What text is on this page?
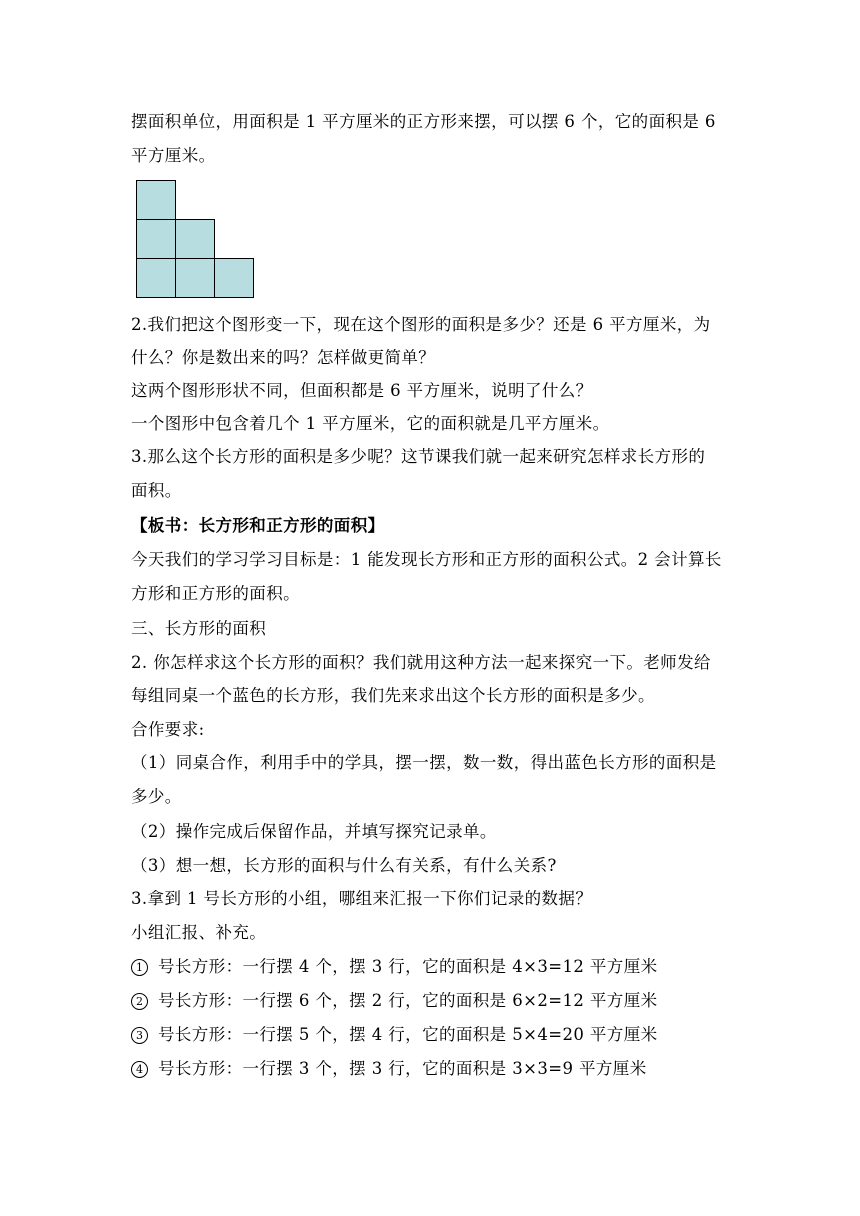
摆面积单位，用面积是 1 平方厘米的正方形来摆，可以摆 6 个，它的面积是 6
平方厘米。
2.我们把这个图形变一下，现在这个图形的面积是多少？还是 6 平方厘米，为
什么？你是数出来的吗？怎样做更简单？
这两个图形形状不同，但面积都是 6 平方厘米，说明了什么？
一个图形中包含着几个 1 平方厘米，它的面积就是几平方厘米。
3.那么这个长方形的面积是多少呢？这节课我们就一起来研究怎样求长方形的
面积。
【板书：长方形和正方形的面积】
今天我们的学习学习目标是：1 能发现长方形和正方形的面积公式。2 会计算长
方形和正方形的面积。
三、长方形的面积
2. 你怎样求这个长方形的面积？我们就用这种方法一起来探究一下。老师发给
每组同桌一个蓝色的长方形，我们先来求出这个长方形的面积是多少。
合作要求:
（1）同桌合作，利用手中的学具，摆一摆，数一数，得出蓝色长方形的面积是
多少。
（2）操作完成后保留作品，并填写探究记录单。
（3）想一想，长方形的面积与什么有关系，有什么关系?
3.拿到 1 号长方形的小组，哪组来汇报一下你们记录的数据？
小组汇报、补充。
1 号长方形：一行摆 4 个，摆 3 行，它的面积是 4×3=12 平方厘米
2 号长方形：一行摆 6 个，摆 2 行，它的面积是 6×2=12 平方厘米
3 号长方形：一行摆 5 个，摆 4 行，它的面积是 5×4=20 平方厘米
4 号长方形：一行摆 3 个，摆 3 行，它的面积是 3×3=9 平方厘米
